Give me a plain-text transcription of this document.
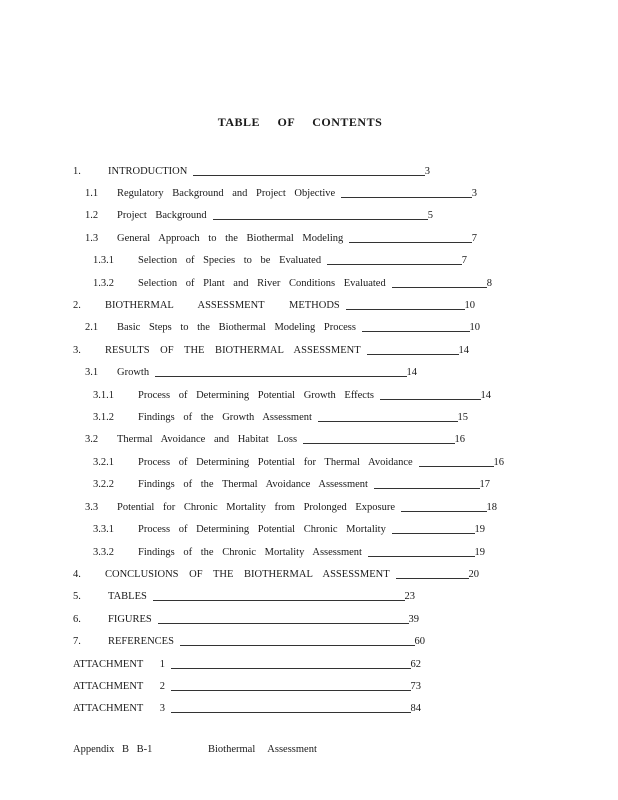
TABLE OF CONTENTS
1.	INTRODUCTION	3
1.1	Regulatory Background and Project Objective	3
1.2	Project Background	5
1.3	General Approach to the Biothermal Modeling	7
1.3.1	Selection of Species to be Evaluated	7
1.3.2	Selection of Plant and River Conditions Evaluated	8
2.	BIOTHERMAL ASSESSMENT METHODS	10
2.1	Basic Steps to the Biothermal Modeling Process	10
3.	RESULTS OF THE BIOTHERMAL ASSESSMENT	14
3.1	Growth	14
3.1.1	Process of Determining Potential Growth Effects	14
3.1.2	Findings of the Growth Assessment	15
3.2	Thermal Avoidance and Habitat Loss	16
3.2.1	Process of Determining Potential for Thermal Avoidance	16
3.2.2	Findings of the Thermal Avoidance Assessment	17
3.3	Potential for Chronic Mortality from Prolonged Exposure	18
3.3.1	Process of Determining Potential Chronic Mortality	19
3.3.2	Findings of the Chronic Mortality Assessment	19
4.	CONCLUSIONS OF THE BIOTHERMAL ASSESSMENT	20
5.	TABLES	23
6.	FIGURES	39
7.	REFERENCES	60
ATTACHMENT 1	62
ATTACHMENT 2	73
ATTACHMENT 3	84
Appendix B B-1	Biothermal Assessment
